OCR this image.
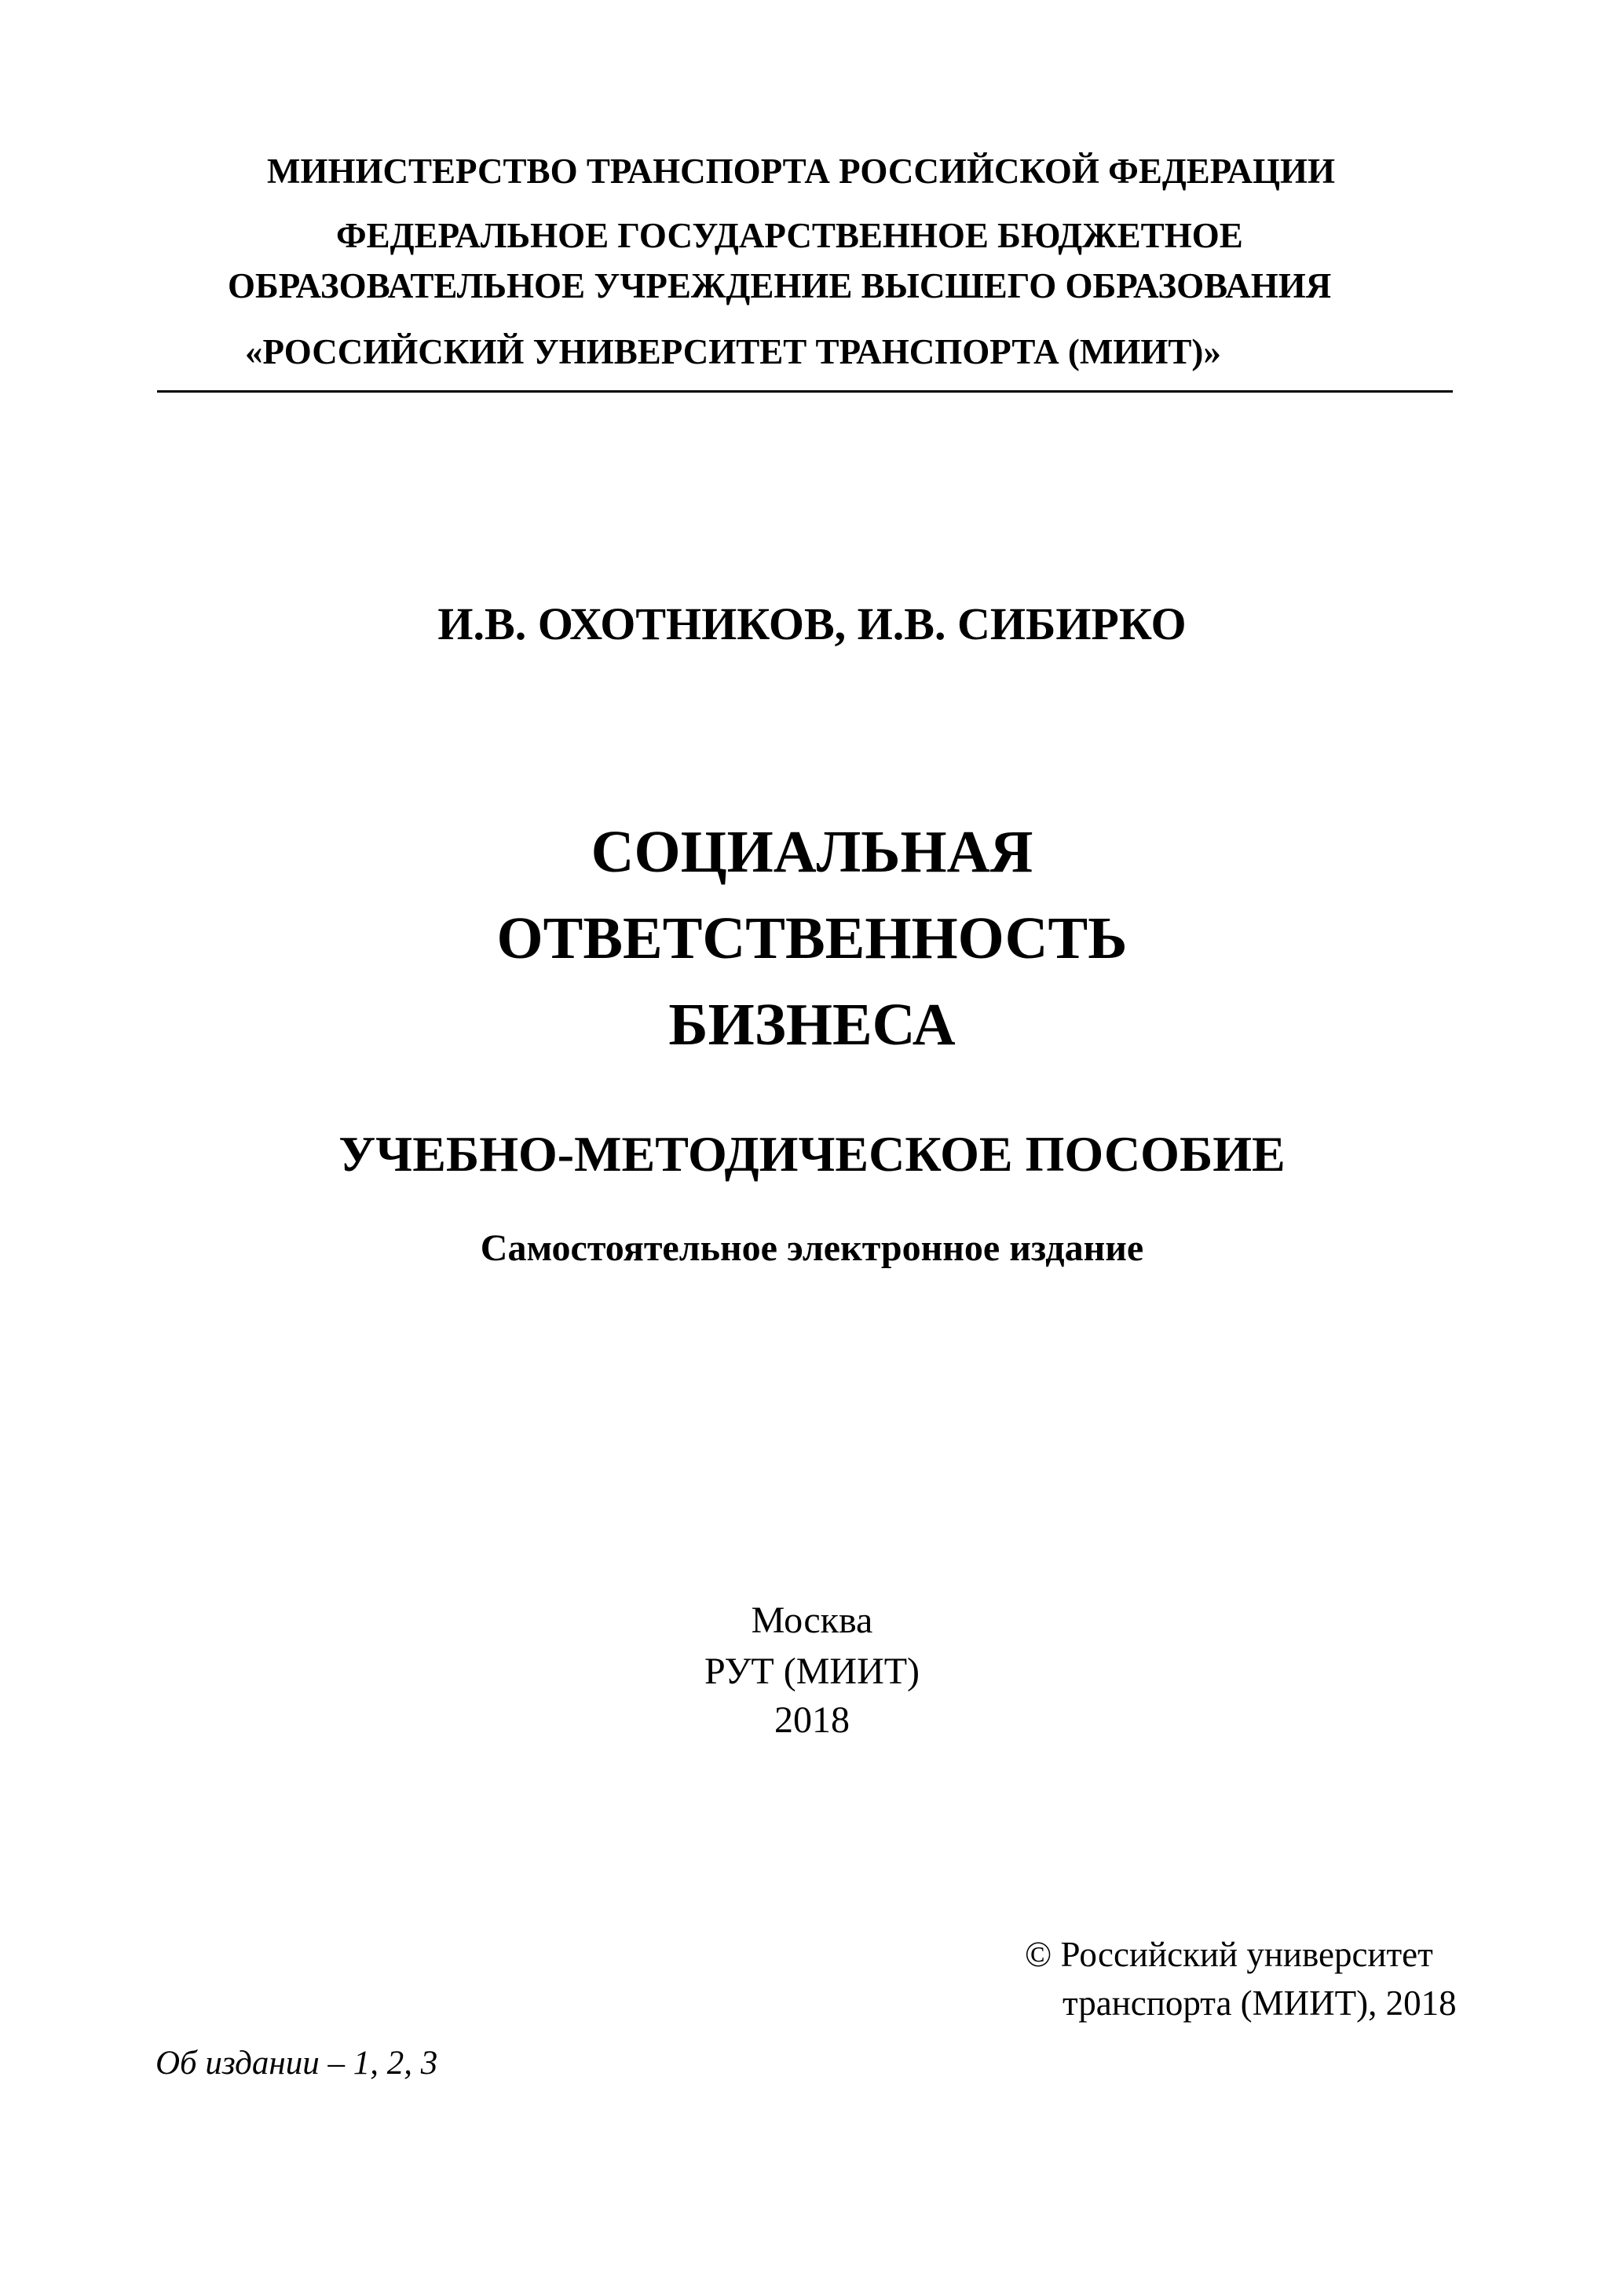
МИНИСТЕРСТВО ТРАНСПОРТА РОССИЙСКОЙ ФЕДЕРАЦИИ

ФЕДЕРАЛЬНОЕ ГОСУДАРСТВЕННОЕ БЮДЖЕТНОЕ

ОБРАЗОВАТЕЛЬНОЕ УЧРЕЖДЕНИЕ ВЫСШЕГО ОБРАЗОВАНИЯ

«РОССИЙСКИЙ УНИВЕРСИТЕТ ТРАНСПОРТА (МИИТ)»

И.В. ОХОТНИКОВ, И.В. СИБИРКО

СОЦИАЛЬНАЯ

ОТВЕТСТВЕННОСТЬ

БИЗНЕСА

УЧЕБНО-МЕТОДИЧЕСКОЕ ПОСОБИЕ

Самостоятельное электронное издание

Москва

РУТ (МИИТ)

2018

© Российский университет

транспорта (МИИТ), 2018

Об издании – 1, 2, 3
